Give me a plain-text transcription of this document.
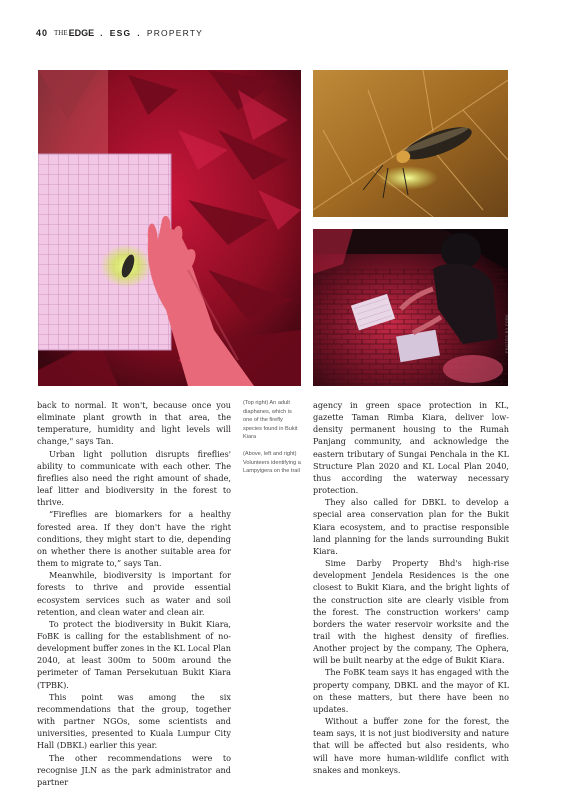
40 THE EDGE . ESG . PROPERTY
PHOTOS BY FOBK

back to normal. It won't, because once you eliminate plant growth in that area, the temperature, humidity and light levels will change," says Tan.

Urban light pollution disrupts fireflies' ability to communicate with each other. The fireflies also need the right amount of shade, leaf litter and biodiversity in the forest to thrive.

“Fireflies are biomarkers for a healthy forested area. If they don't have the right conditions, they might start to die, depending on whether there is another suitable area for them to migrate to,” says Tan.

Meanwhile, biodiversity is important for forests to thrive and provide essential ecosystem services such as water and soil retention, and clean water and clean air.

To protect the biodiversity in Bukit Kiara, FoBK is calling for the establishment of no-development buffer zones in the KL Local Plan 2040, at least 300m to 500m around the perimeter of Taman Persekutuan Bukit Kiara (TPBK).

This point was among the six recommendations that the group, together with partner NGOs, some scientists and universities, presented to Kuala Lumpur City Hall (DBKL) earlier this year.

The other recommendations were to recognise JLN as the park administrator and partner

(Top right) An adult diaphanes, which is one of the firefly species found in Bukit Kiara

(Above, left and right) Volunteers identifying a Lampyigera on the trail

agency in green space protection in KL, gazette Taman Rimba Kiara, deliver low-density permanent housing to the Rumah Panjang community, and acknowledge the eastern tributary of Sungai Penchala in the KL Structure Plan 2020 and KL Local Plan 2040, thus according the waterway necessary protection.

They also called for DBKL to develop a special area conservation plan for the Bukit Kiara ecosystem, and to practise responsible land planning for the lands surrounding Bukit Kiara.

Sime Darby Property Bhd's high-rise development Jendela Residences is the one closest to Bukit Kiara, and the bright lights of the construction site are clearly visible from the forest. The construction workers' camp borders the water reservoir worksite and the trail with the highest density of fireflies. Another project by the company, The Ophera, will be built nearby at the edge of Bukit Kiara.

The FoBK team says it has engaged with the property company, DBKL and the mayor of KL on these matters, but there have been no updates.

Without a buffer zone for the forest, the team says, it is not just biodiversity and nature that will be affected but also residents, who will have more human-wildlife conflict with snakes and monkeys.
